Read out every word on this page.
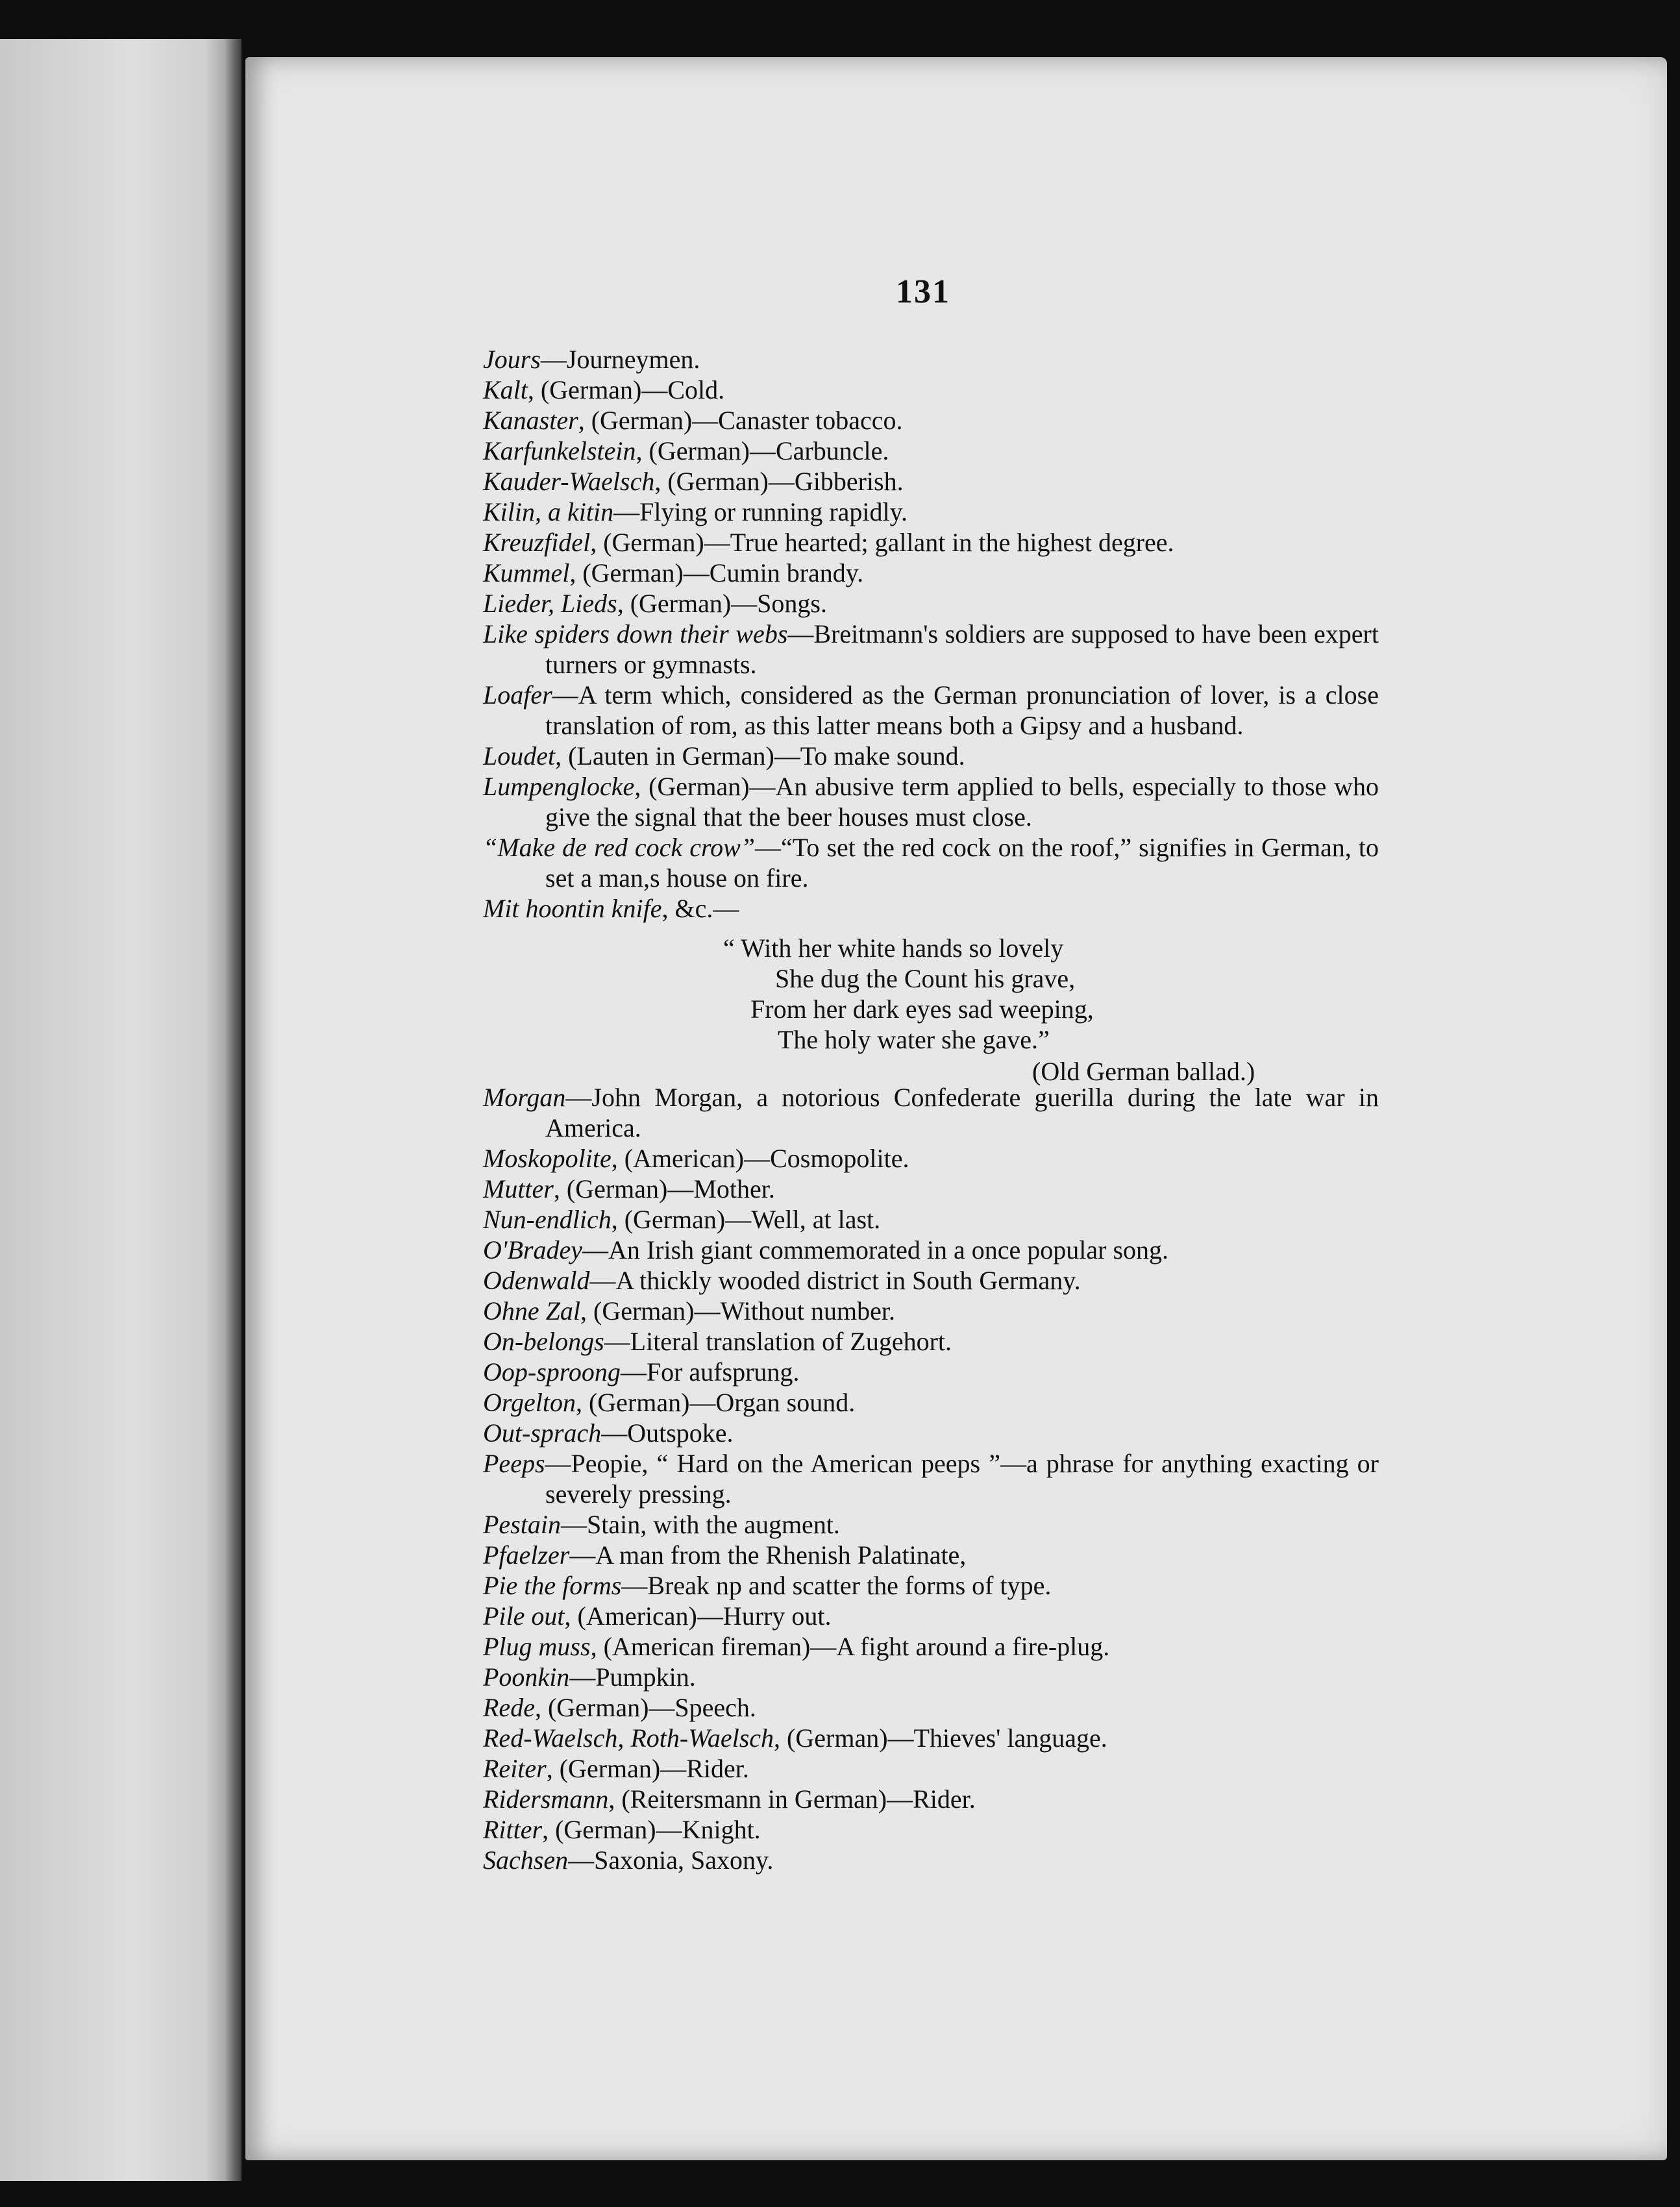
131

Jours—Journeymen.

Kalt, (German)—Cold.

Kanaster, (German)—Canaster tobacco.

Karfunkelstein, (German)—Carbuncle.

Kauder-Waelsch, (German)—Gibberish.

Kilin, a kitin—Flying or running rapidly.

Kreuzfidel, (German)—True hearted; gallant in the highest degree.

Kummel, (German)—Cumin brandy.

Lieder, Lieds, (German)—Songs.

Like spiders down their webs—Breitmann's soldiers are supposed to have been expert turners or gymnasts.

Loafer—A term which, considered as the German pronunciation of lover, is a close translation of rom, as this latter means both a Gipsy and a husband.

Loudet, (Lauten in German)—To make sound.

Lumpenglocke, (German)—An abusive term applied to bells, especially to those who give the signal that the beer houses must close.

“Make de red cock crow”—“To set the red cock on the roof,” signifies in German, to set a man,s house on fire.

Mit hoontin knife, &c.—

“ With her white hands so lovely
She dug the Count his grave,
From her dark eyes sad weeping,
The holy water she gave.”
(Old German ballad.)

Morgan—John Morgan, a notorious Confederate guerilla during the late war in America.

Moskopolite, (American)—Cosmopolite.

Mutter, (German)—Mother.

Nun-endlich, (German)—Well, at last.

O'Bradey—An Irish giant commemorated in a once popular song.

Odenwald—A thickly wooded district in South Germany.

Ohne Zal, (German)—Without number.

On-belongs—Literal translation of Zugehort.

Oop-sproong—For aufsprung.

Orgelton, (German)—Organ sound.

Out-sprach—Outspoke.

Peeps—Peopie, “ Hard on the American peeps ”—a phrase for anything exacting or severely pressing.

Pestain—Stain, with the augment.

Pfaelzer—A man from the Rhenish Palatinate,

Pie the forms—Break np and scatter the forms of type.

Pile out, (American)—Hurry out.

Plug muss, (American fireman)—A fight around a fire-plug.

Poonkin—Pumpkin.

Rede, (German)—Speech.

Red-Waelsch, Roth-Waelsch, (German)—Thieves' language.

Reiter, (German)—Rider.

Ridersmann, (Reitersmann in German)—Rider.

Ritter, (German)—Knight.

Sachsen—Saxonia, Saxony.
